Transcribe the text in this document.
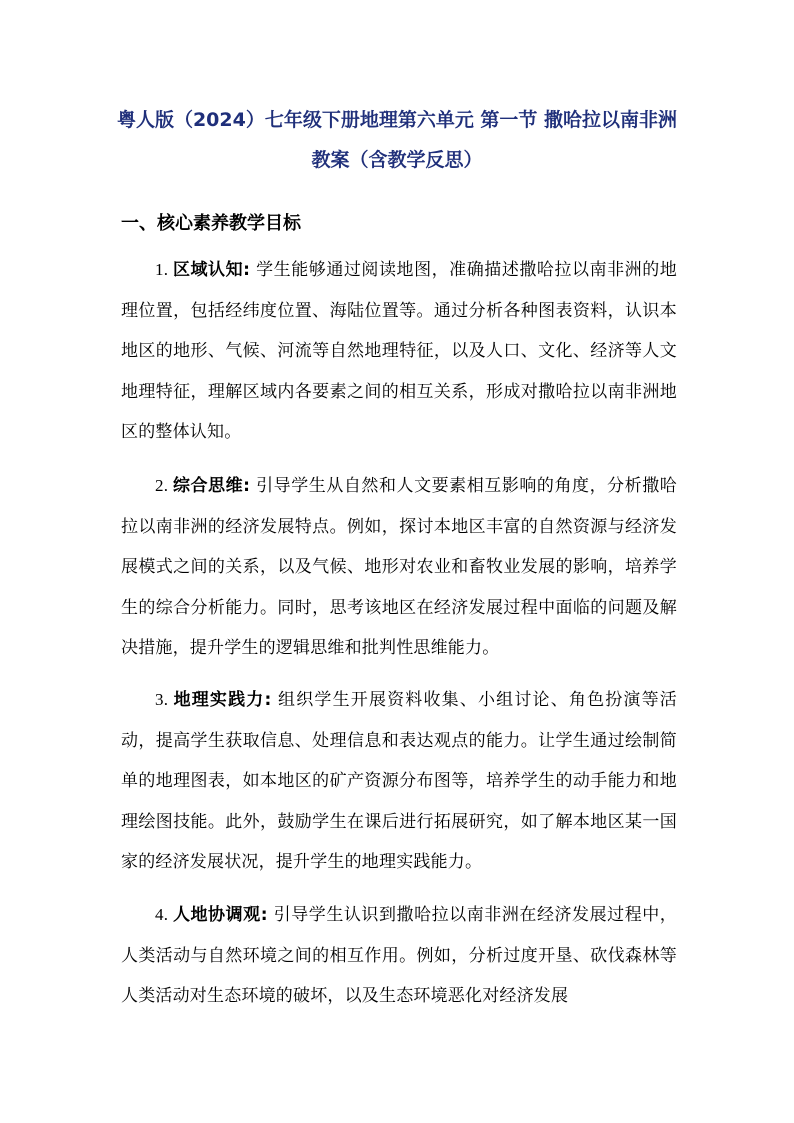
粤人版（2024）七年级下册地理第六单元 第一节 撒哈拉以南非洲
教案（含教学反思）
一、核心素养教学目标
1. 区域认知: 学生能够通过阅读地图，准确描述撒哈拉以南非洲的地理位置，包括经纬度位置、海陆位置等。通过分析各种图表资料，认识本地区的地形、气候、河流等自然地理特征，以及人口、文化、经济等人文地理特征，理解区域内各要素之间的相互关系，形成对撒哈拉以南非洲地区的整体认知。
2. 综合思维: 引导学生从自然和人文要素相互影响的角度，分析撒哈拉以南非洲的经济发展特点。例如，探讨本地区丰富的自然资源与经济发展模式之间的关系，以及气候、地形对农业和畜牧业发展的影响，培养学生的综合分析能力。同时，思考该地区在经济发展过程中面临的问题及解决措施，提升学生的逻辑思维和批判性思维能力。
3. 地理实践力: 组织学生开展资料收集、小组讨论、角色扮演等活动，提高学生获取信息、处理信息和表达观点的能力。让学生通过绘制简单的地理图表，如本地区的矿产资源分布图等，培养学生的动手能力和地理绘图技能。此外，鼓励学生在课后进行拓展研究，如了解本地区某一国家的经济发展状况，提升学生的地理实践能力。
4. 人地协调观: 引导学生认识到撒哈拉以南非洲在经济发展过程中，人类活动与自然环境之间的相互作用。例如，分析过度开垦、砍伐森林等人类活动对生态环境的破坏，以及生态环境恶化对经济发展
